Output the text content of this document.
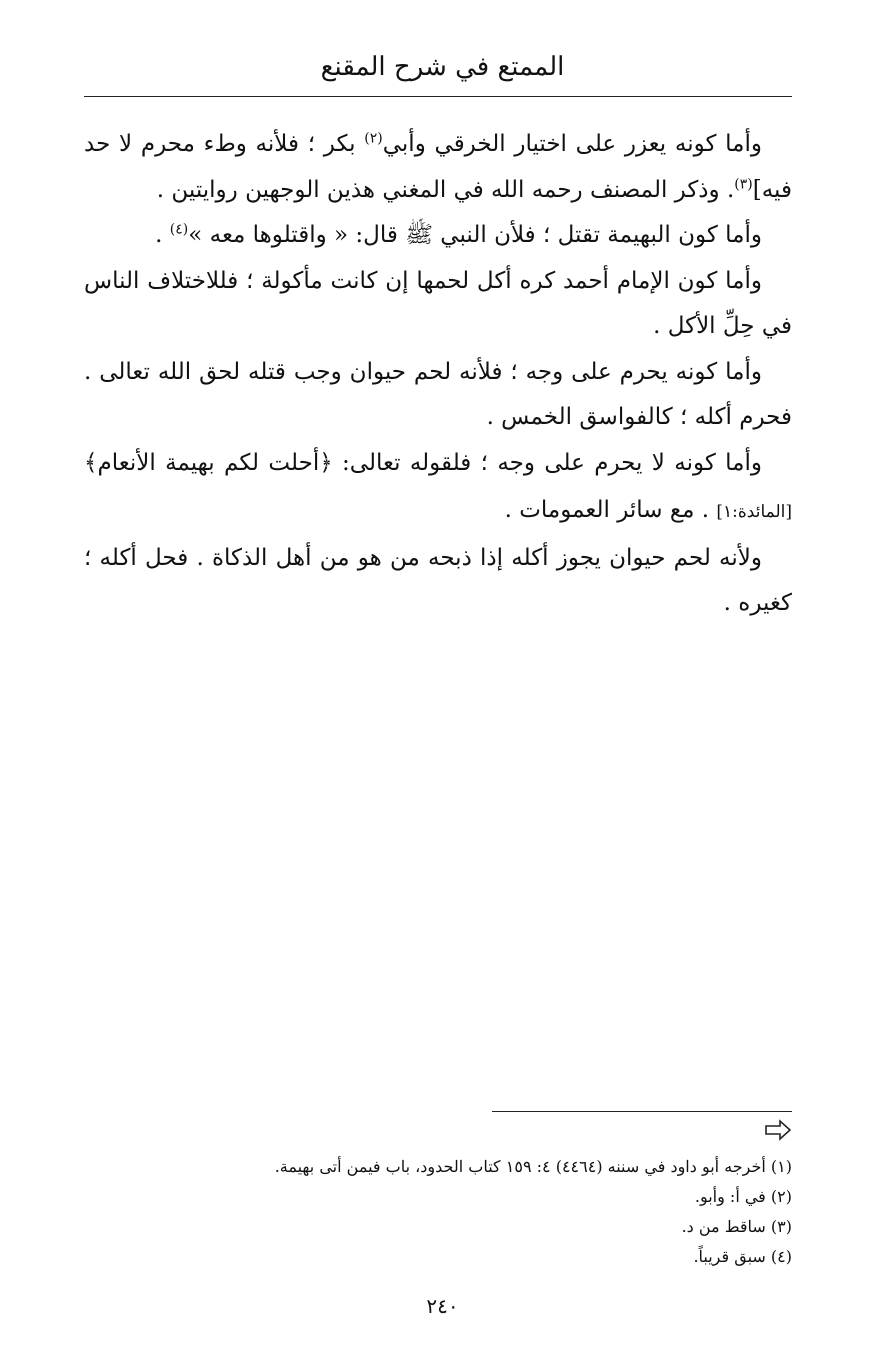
الممتع في شرح المقنع

وأما كونه يعزر على اختيار الخرقي وأبي$^{(٢)}$ بكر ؛ فلأنه وطء محرم لا حد فيه]$^{(٣)}$. وذكر المصنف رحمه الله في المغني هذين الوجهين روايتين .

وأما كون البهيمة تقتل ؛ فلأن النبي ﷺ قال: « واقتلوها معه »$^{(٤)}$ .

وأما كون الإمام أحمد كره أكل لحمها إن كانت مأكولة ؛ فللاختلاف الناس في حِلِّ الأكل .

وأما كونه يحرم على وجه ؛ فلأنه لحم حيوان وجب قتله لحق الله تعالى . فحرم أكله ؛ كالفواسق الخمس .

وأما كونه لا يحرم على وجه ؛ فلقوله تعالى: ﴿أحلت لكم بهيمة الأنعام﴾ [المائدة:١] . مع سائر العمومات .

ولأنه لحم حيوان يجوز أكله إذا ذبحه من هو من أهل الذكاة . فحل أكله ؛ كغيره .

(١) أخرجه أبو داود في سننه (٤٤٦٤) ٤: ١٥٩ كتاب الحدود، باب فيمن أتى بهيمة.
(٢) في أ: وأبو.
(٣) ساقط من د.
(٤) سبق قريباً.
٢٤٠
